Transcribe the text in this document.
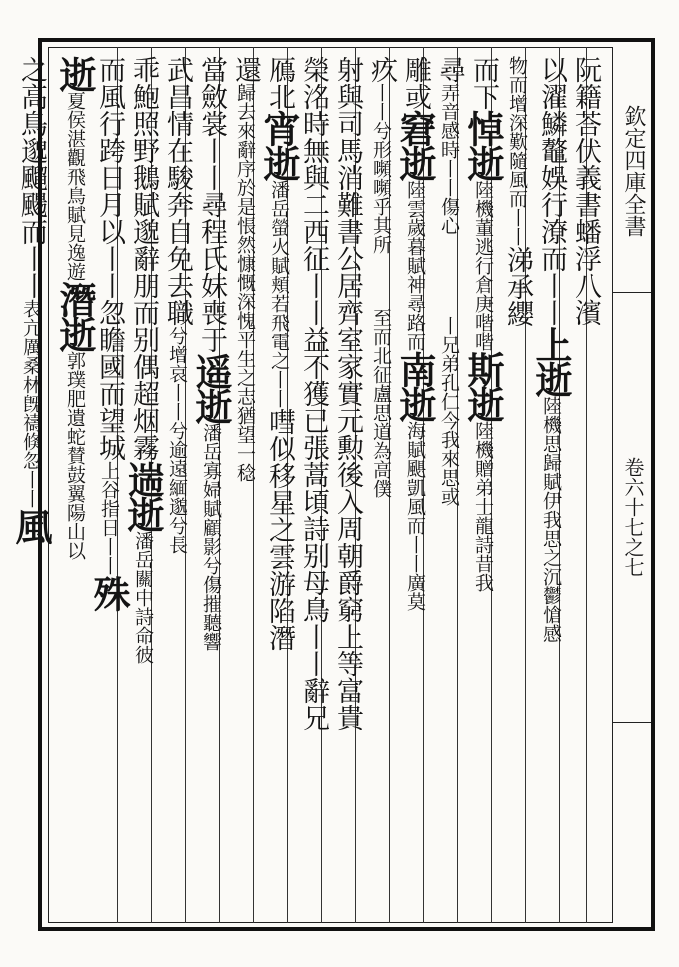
欽定四庫全書
卷六十七之七
阮籍荅伏義書蟠浮八濱
以濯鱗鼇娛行潦而丨丨上逝陸機思歸賦伊我思之沉鬱愴感
物而增深歎隨風而丨丨涕承纓
而下悼逝陸機董逃行倉庚喈喈斯逝陸機贈弟士龍詩昔我
尋弄音感時丨丨傷心　　　丨兄弟孔仁今我來思或
雕或窘逝陸雲歲暮賦神尋路而南逝海賦颶凱風而丨丨廣莫
疚丨丨兮形嚬嚬乎其所　　至而北征盧思道為高僕
射與司馬消難書公居齊室家實元勲後入周朝爵窮上等富貴
榮洺時無與二西征丨丨益不獲已張蒿頃詩别母鳥丨丨辭兄
鴈北宵逝潘岳螢火賦頬若飛電之丨丨嘒似移星之雲游陷潛
還歸去來辭序於是悵然慷慨深愧平生之志猶望一稔
當斂裳丨丨尋程氏妹喪于遥逝潘岳寡婦賦顧影兮傷摧聽響
武昌情在駿奔自免去職兮增哀丨丨兮逾遠緬邈兮長
乖鮑照野鵝賦邈辭朋而别偶超烟霧遄逝潘岳關中詩命彼
而風行跨日月以丨丨忽瞻國而望城上谷指日丨丨殊
逝夏侯湛觀飛鳥賦見逸遊潛逝郭璞肥遺蛇賛鼓翼陽山以
之高鳥邈飀颺而丨丨表亢厲桑林旣禱倏忽丨丨風
